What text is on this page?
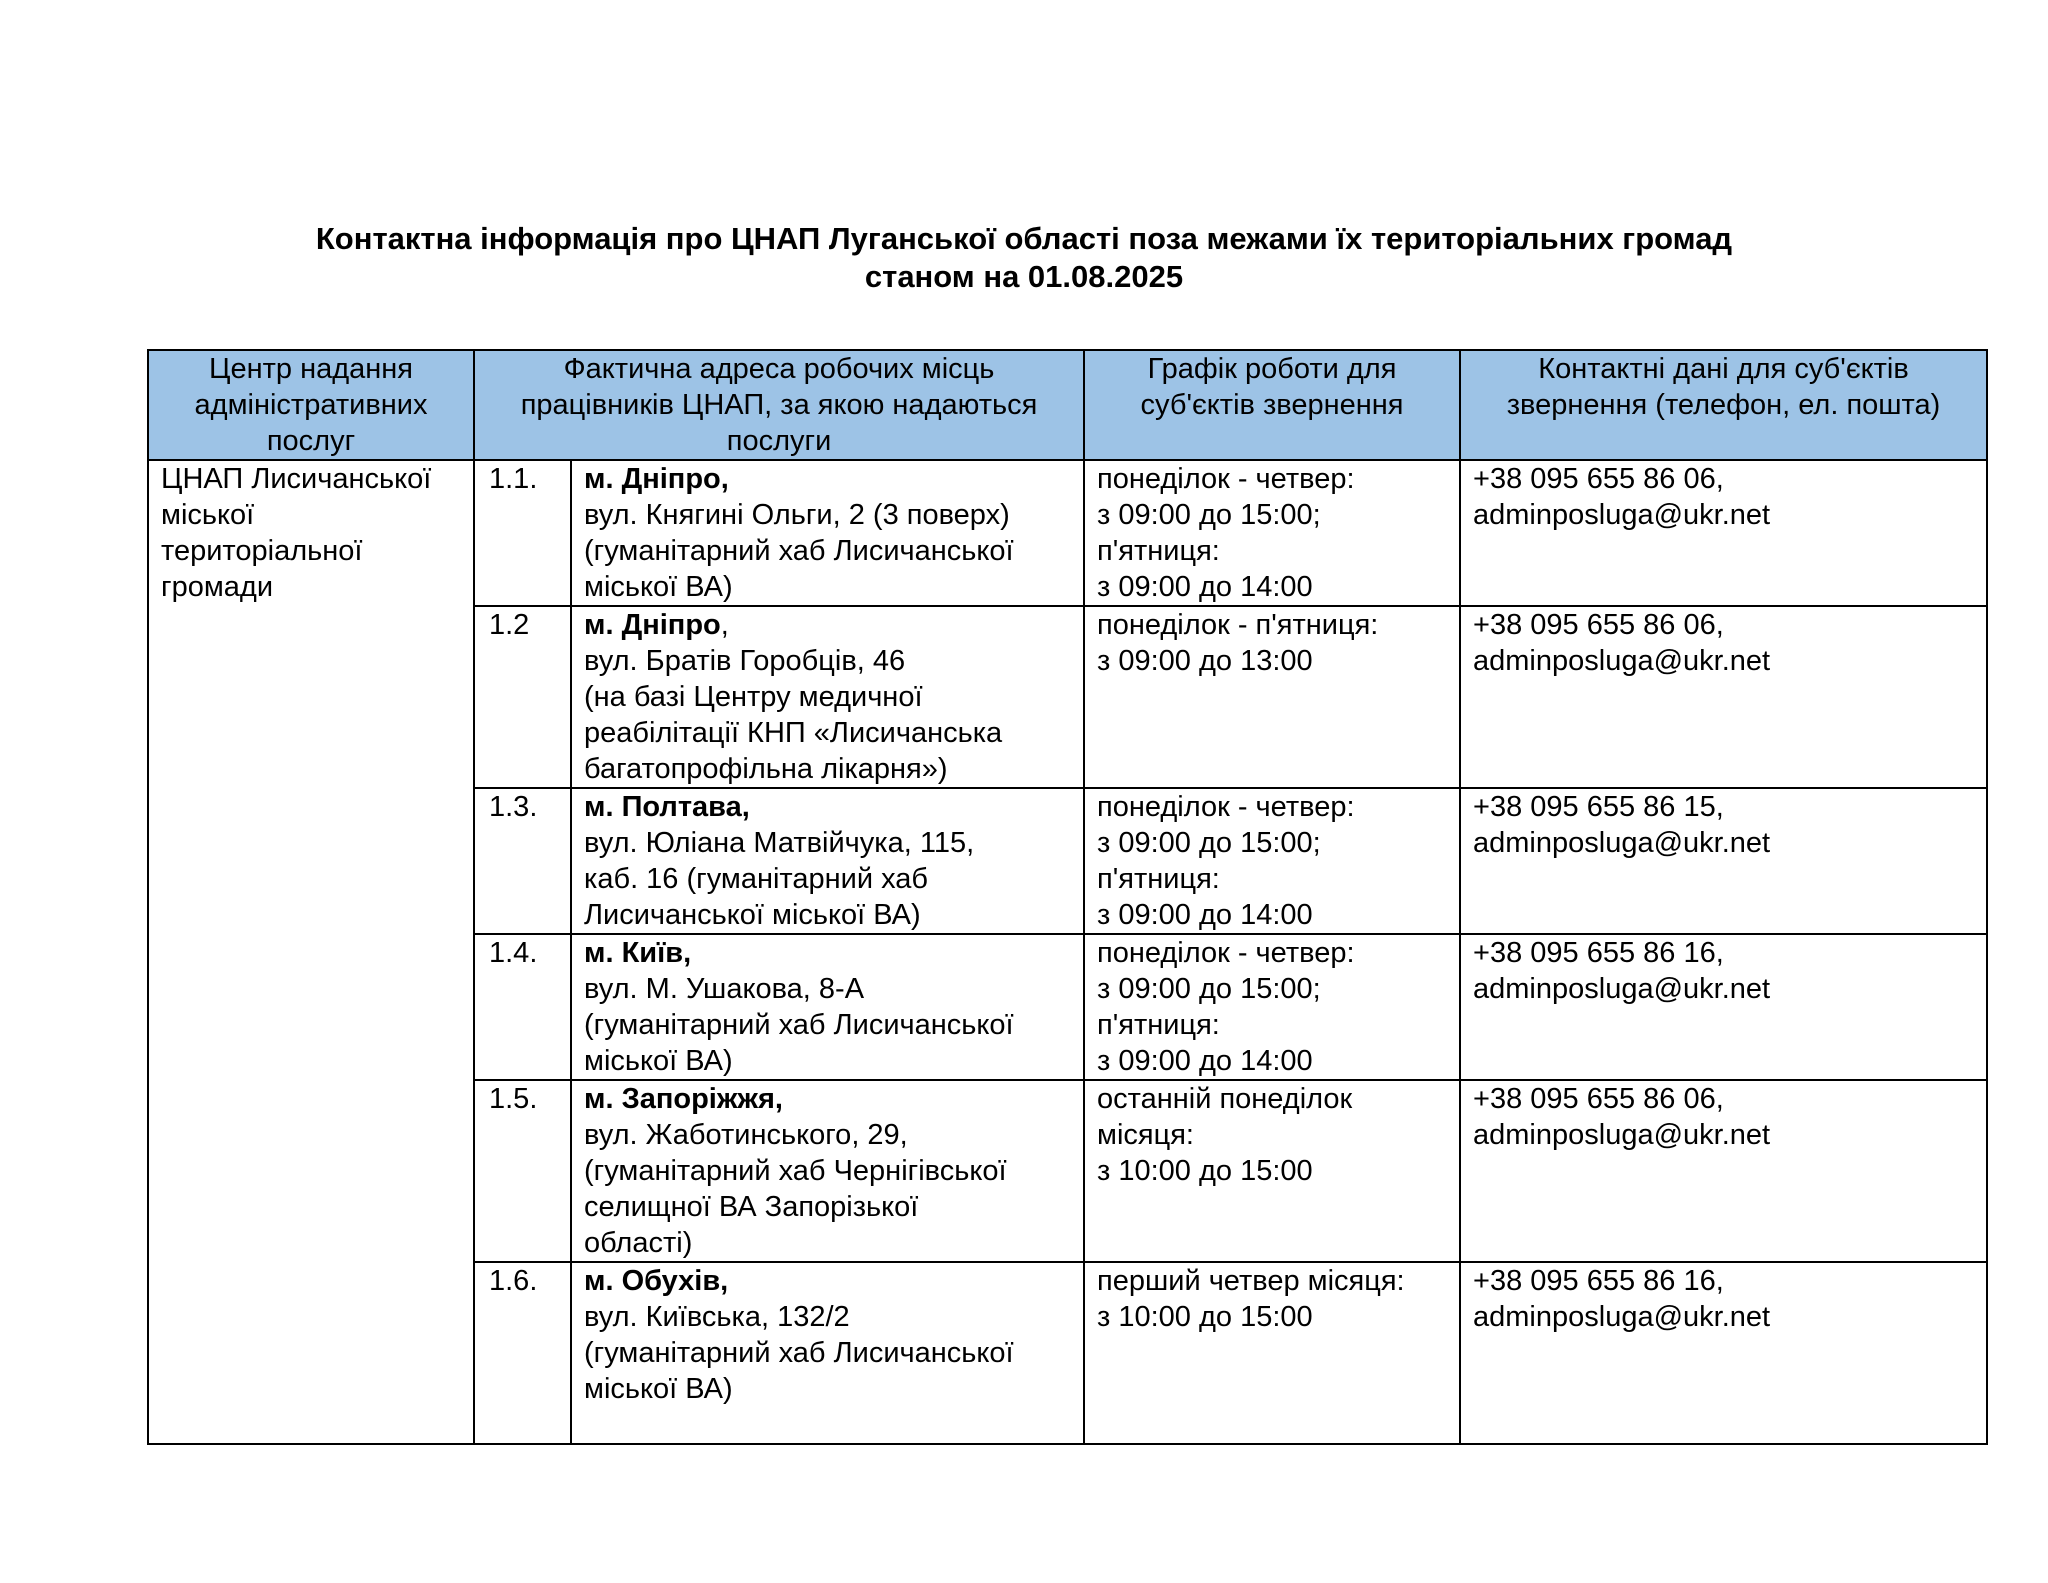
Контактна інформація про ЦНАП Луганської області поза межами їх територіальних громад
станом на 01.08.2025
Центр надання
адміністративних
послуг	Фактична адреса робочих місць
працівників ЦНАП, за якою надаються
послуги		Графік роботи для
суб'єктів звернення	Контактні дані для суб'єктів
звернення (телефон, ел. пошта)

ЦНАП Лисичанської
міської
територіальної
громади	1.1.	м. Дніпро,
вул. Княгині Ольги, 2 (3 поверх)
(гуманітарний хаб Лисичанської
міської ВА)	понеділок - четвер:
з 09:00 до 15:00;
п'ятниця:
з 09:00 до 14:00	+38 095 655 86 06,
adminposluga@ukr.net

	1.2	м. Дніпро,
вул. Братів Горобців, 46
(на базі Центру медичної
реабілітації КНП «Лисичанська
багатопрофільна лікарня»)	понеділок - п'ятниця:
з 09:00 до 13:00	+38 095 655 86 06,
adminposluga@ukr.net

	1.3.	м. Полтава,
вул. Юліана Матвійчука, 115,
каб. 16 (гуманітарний хаб
Лисичанської міської ВА)	понеділок - четвер:
з 09:00 до 15:00;
п'ятниця:
з 09:00 до 14:00	+38 095 655 86 15,
adminposluga@ukr.net

	1.4.	м. Київ,
вул. М. Ушакова, 8-А
(гуманітарний хаб Лисичанської
міської ВА)	понеділок - четвер:
з 09:00 до 15:00;
п'ятниця:
з 09:00 до 14:00	+38 095 655 86 16,
adminposluga@ukr.net

	1.5.	м. Запоріжжя,
вул. Жаботинського, 29,
(гуманітарний хаб Чернігівської
селищної ВА Запорізької
області)	останній понеділок
місяця:
з 10:00 до 15:00	+38 095 655 86 06,
adminposluga@ukr.net

	1.6.	м. Обухів,
вул. Київська, 132/2
(гуманітарний хаб Лисичанської
міської ВА)	перший четвер місяця:
з 10:00 до 15:00	+38 095 655 86 16,
adminposluga@ukr.net
